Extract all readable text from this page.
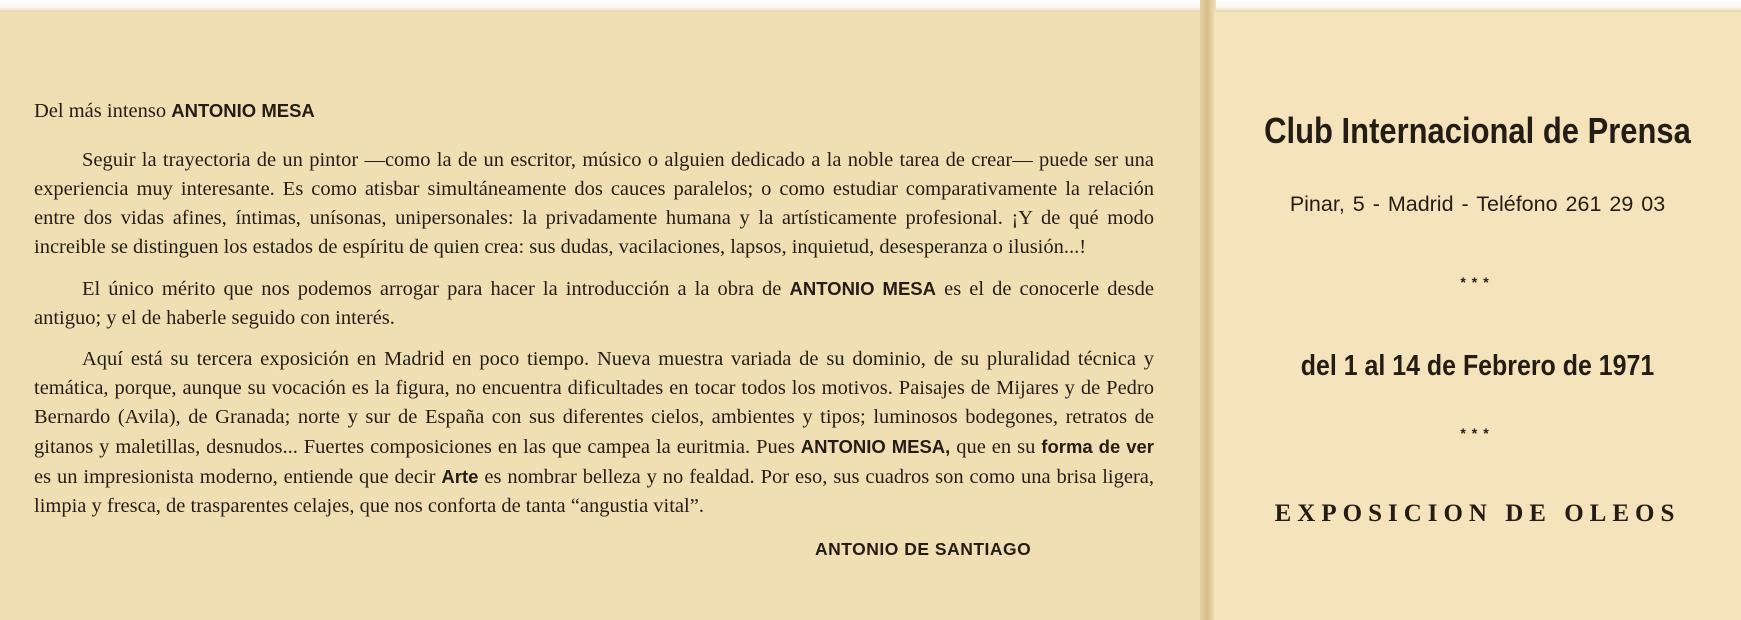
Del más intenso ANTONIO MESA

Seguir la trayectoria de un pintor —como la de un escritor, músico o alguien dedicado a la noble tarea de crear— puede ser una experiencia muy interesante. Es como atisbar simultáneamente dos cauces paralelos; o como estudiar comparativamente la relación entre dos vidas afines, íntimas, unísonas, unipersonales: la privadamente humana y la artísticamente profesional. ¡Y de qué modo increible se distinguen los estados de espíritu de quien crea: sus dudas, vacilaciones, lapsos, inquietud, desesperanza o ilusión...!

El único mérito que nos podemos arrogar para hacer la introducción a la obra de ANTONIO MESA es el de conocerle desde antiguo; y el de haberle seguido con interés.

Aquí está su tercera exposición en Madrid en poco tiempo. Nueva muestra variada de su dominio, de su pluralidad técnica y temática, porque, aunque su vocación es la figura, no encuentra dificultades en tocar todos los motivos. Paisajes de Mijares y de Pedro Bernardo (Avila), de Granada; norte y sur de España con sus diferentes cielos, ambientes y tipos; luminosos bodegones, retratos de gitanos y maletillas, desnudos... Fuertes composiciones en las que campea la euritmia. Pues ANTONIO MESA, que en su forma de ver es un impresionista moderno, entiende que decir Arte es nombrar belleza y no fealdad. Por eso, sus cuadros son como una brisa ligera, limpia y fresca, de trasparentes celajes, que nos conforta de tanta “angustia vital”.

ANTONIO DE SANTIAGO
Club Internacional de Prensa
Pinar, 5 - Madrid - Teléfono 261 29 03
***
del 1 al 14 de Febrero de 1971
***
EXPOSICION DE OLEOS
